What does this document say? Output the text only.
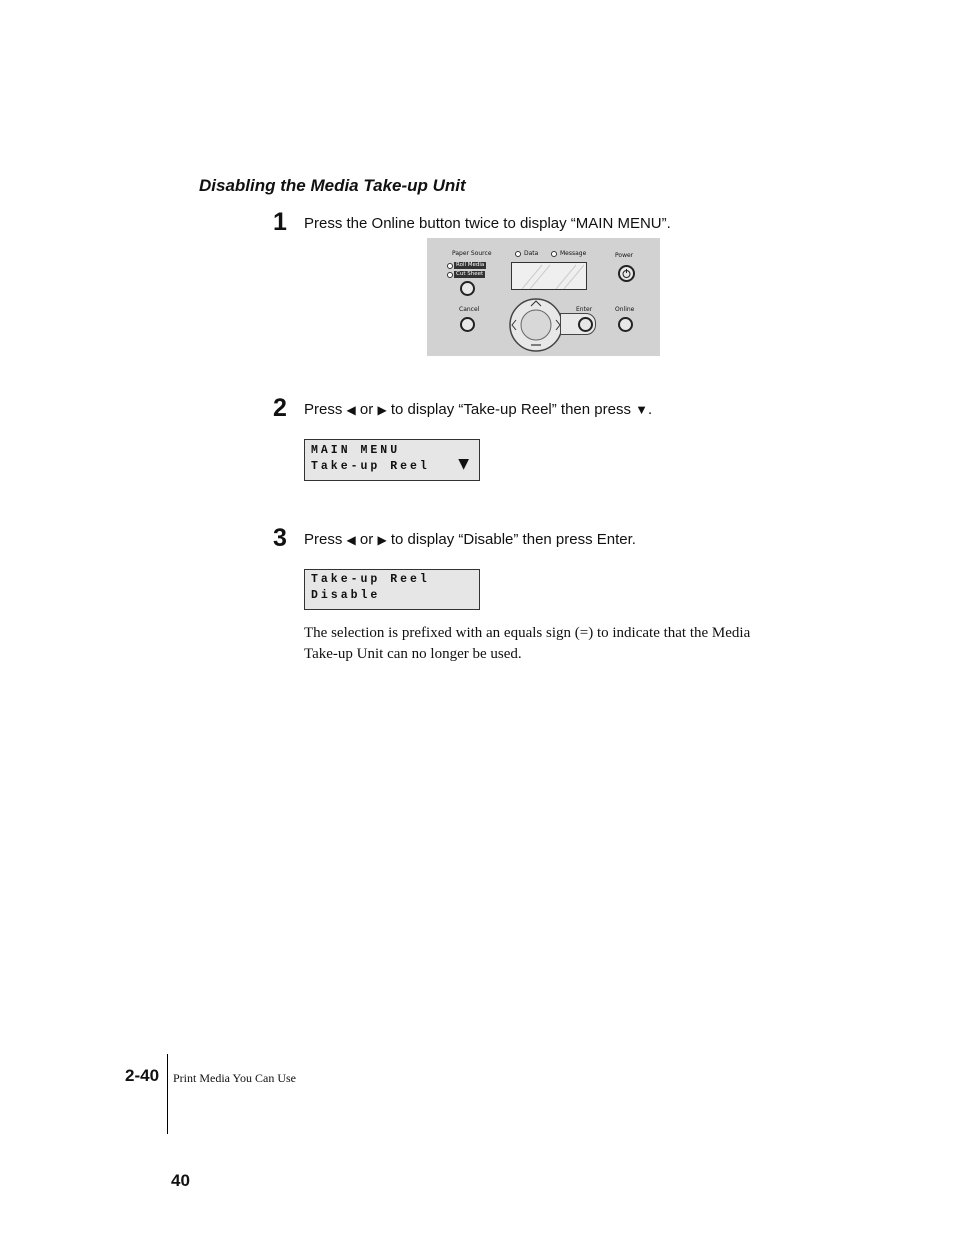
Disabling the Media Take-up Unit
1 Press the Online button twice to display “MAIN MENU”.
Paper Source
Roll Media
Cut Sheet
Data	Message	Power
Cancel	Enter	Online
2 Press ◀ or ▶ to display “Take-up Reel” then press ▼.
MAIN MENU
Take-up Reel ▼
3 Press ◀ or ▶ to display “Disable” then press Enter.
Take-up Reel
Disable
The selection is prefixed with an equals sign (=) to indicate that the Media Take-up Unit can no longer be used.
2-40 Print Media You Can Use
40
